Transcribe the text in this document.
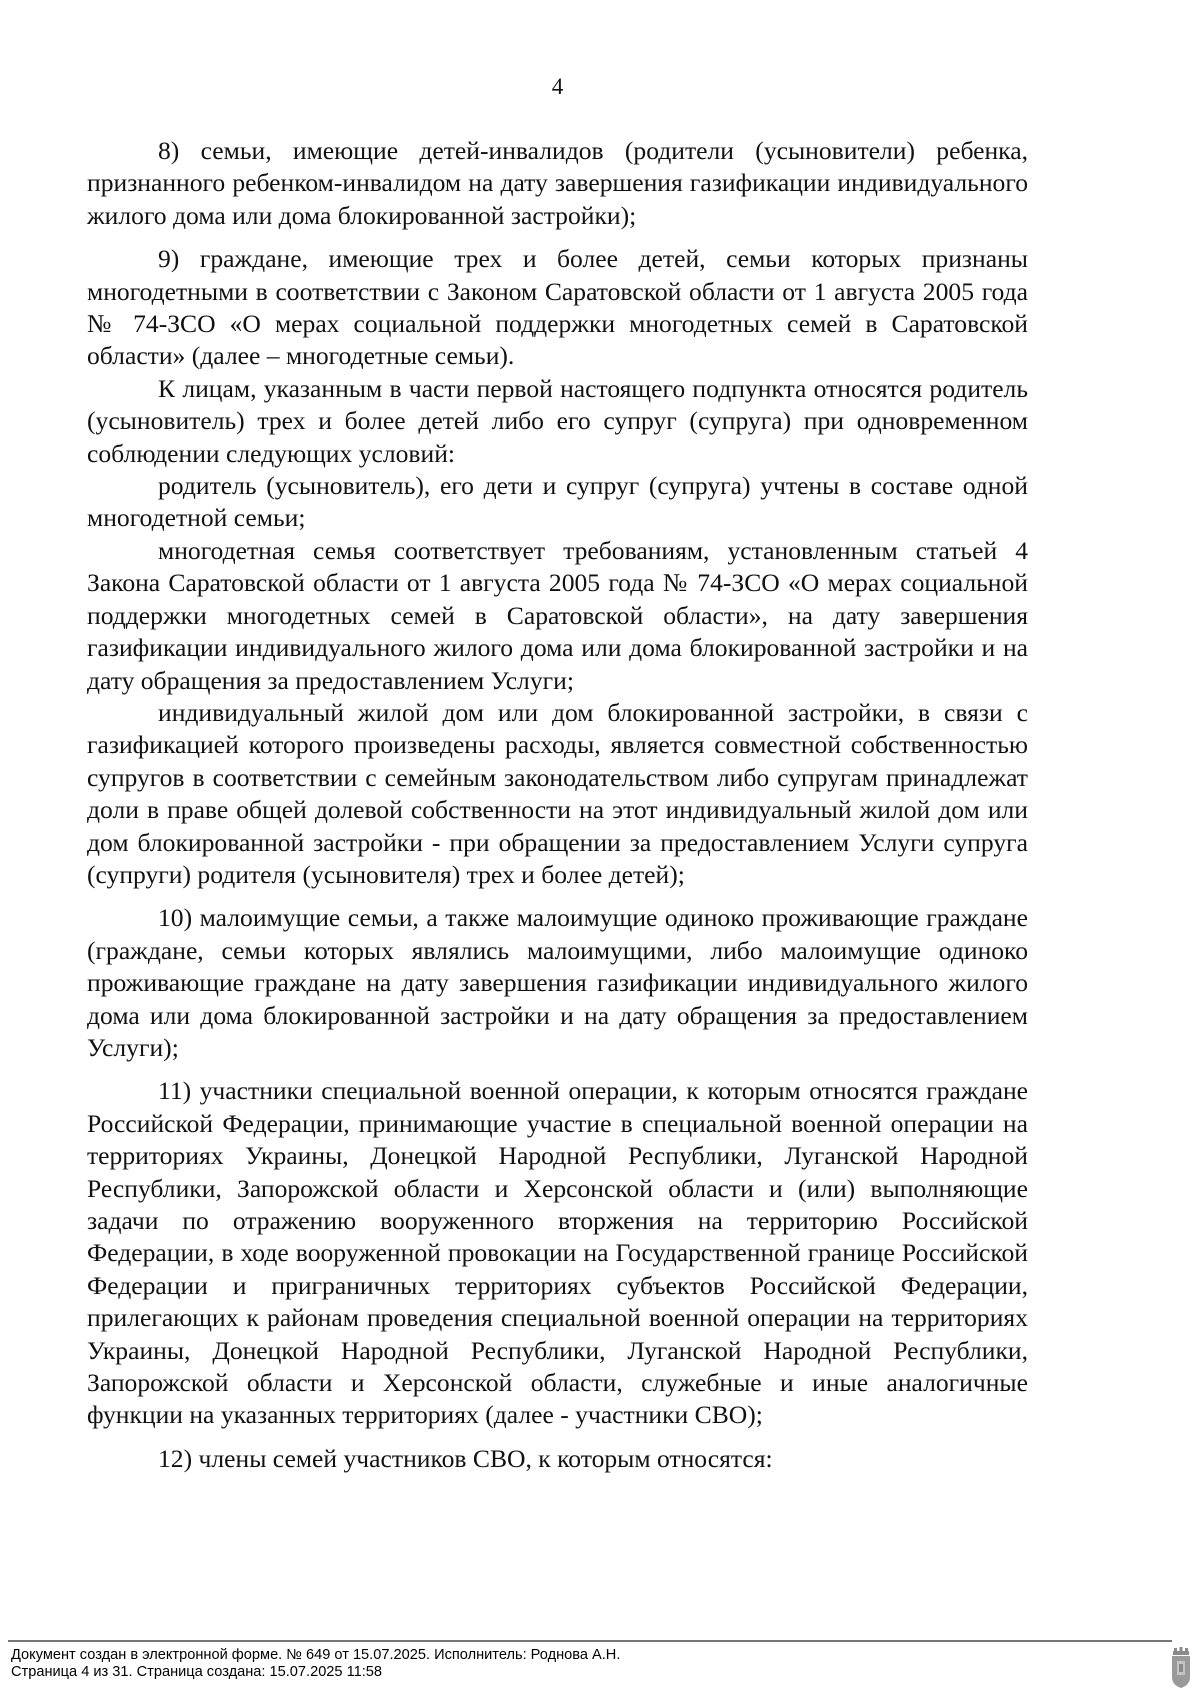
4

8) семьи, имеющие детей-инвалидов (родители (усыновители) ребенка, признанного ребенком-инвалидом на дату завершения газификации индивидуального жилого дома или дома блокированной застройки);

9) граждане, имеющие трех и более детей, семьи которых признаны многодетными в соответствии с Законом Саратовской области от 1 августа 2005 года № 74-ЗСО «О мерах социальной поддержки многодетных семей в Саратовской области» (далее – многодетные семьи).

К лицам, указанным в части первой настоящего подпункта относятся родитель (усыновитель) трех и более детей либо его супруг (супруга) при одновременном соблюдении следующих условий:

родитель (усыновитель), его дети и супруг (супруга) учтены в составе одной многодетной семьи;

многодетная семья соответствует требованиям, установленным статьей 4 Закона Саратовской области от 1 августа 2005 года № 74-ЗСО «О мерах социальной поддержки многодетных семей в Саратовской области», на дату завершения газификации индивидуального жилого дома или дома блокированной застройки и на дату обращения за предоставлением Услуги;

индивидуальный жилой дом или дом блокированной застройки, в связи с газификацией которого произведены расходы, является совместной собственностью супругов в соответствии с семейным законодательством либо супругам принадлежат доли в праве общей долевой собственности на этот индивидуальный жилой дом или дом блокированной застройки - при обращении за предоставлением Услуги супруга (супруги) родителя (усыновителя) трех и более детей);

10) малоимущие семьи, а также малоимущие одиноко проживающие граждане (граждане, семьи которых являлись малоимущими, либо малоимущие одиноко проживающие граждане на дату завершения газификации индивидуального жилого дома или дома блокированной застройки и на дату обращения за предоставлением Услуги);

11) участники специальной военной операции, к которым относятся граждане Российской Федерации, принимающие участие в специальной военной операции на территориях Украины, Донецкой Народной Республики, Луганской Народной Республики, Запорожской области и Херсонской области и (или) выполняющие задачи по отражению вооруженного вторжения на территорию Российской Федерации, в ходе вооруженной провокации на Государственной границе Российской Федерации и приграничных территориях субъектов Российской Федерации, прилегающих к районам проведения специальной военной операции на территориях Украины, Донецкой Народной Республики, Луганской Народной Республики, Запорожской области и Херсонской области, служебные и иные аналогичные функции на указанных территориях (далее - участники СВО);

12) члены семей участников СВО, к которым относятся:

Документ создан в электронной форме. № 649 от 15.07.2025. Исполнитель: Роднова А.Н.
Страница 4 из 31. Страница создана: 15.07.2025 11:58
